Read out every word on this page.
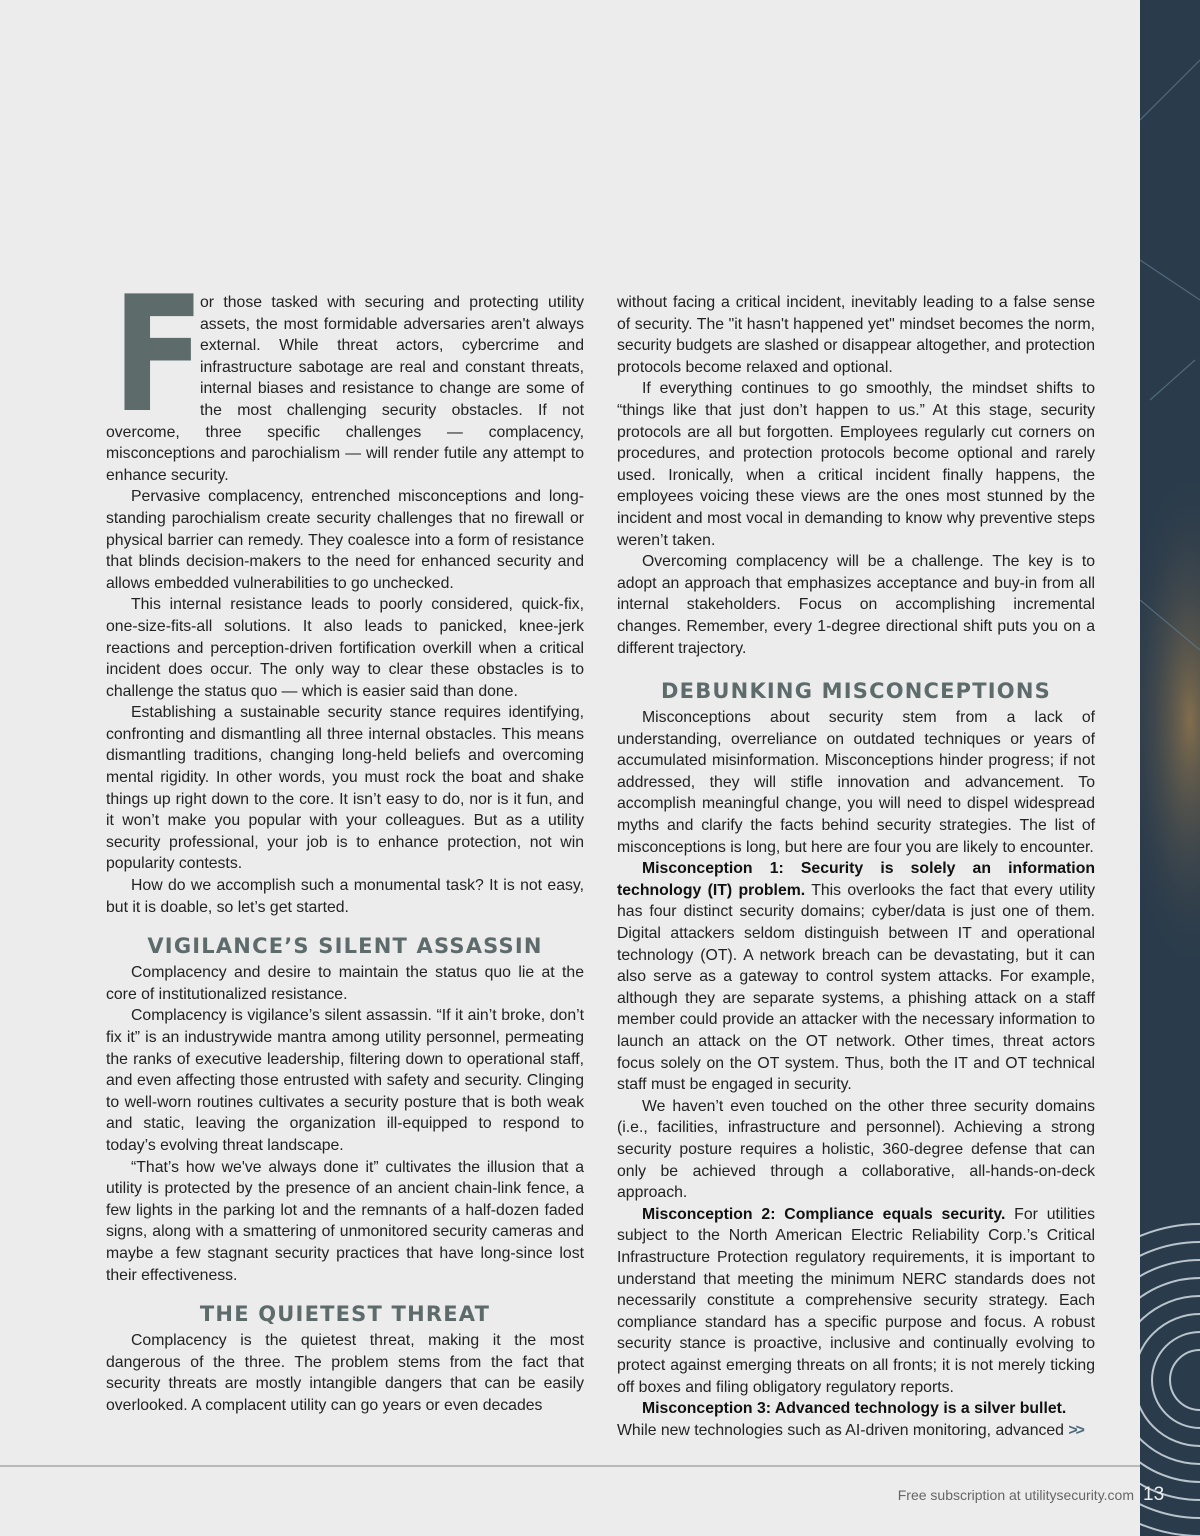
F
or those tasked with securing and protecting utility assets, the most formidable adversaries aren't always external. While threat actors, cybercrime and infrastructure sabotage are real and constant threats, internal biases and resistance to change are some of the most challenging security obstacles. If not overcome, three specific challenges — complacency, misconceptions and parochialism — will render futile any attempt to enhance security.

Pervasive complacency, entrenched misconceptions and long-standing parochialism create security challenges that no firewall or physical barrier can remedy. They coalesce into a form of resistance that blinds decision-makers to the need for enhanced security and allows embedded vulnerabilities to go unchecked.

This internal resistance leads to poorly considered, quick-fix, one-size-fits-all solutions. It also leads to panicked, knee-jerk reactions and perception-driven fortification overkill when a critical incident does occur. The only way to clear these obstacles is to challenge the status quo — which is easier said than done.

Establishing a sustainable security stance requires identifying, confronting and dismantling all three internal obstacles. This means dismantling traditions, changing long-held beliefs and overcoming mental rigidity. In other words, you must rock the boat and shake things up right down to the core. It isn’t easy to do, nor is it fun, and it won’t make you popular with your colleagues. But as a utility security professional, your job is to enhance protection, not win popularity contests.

How do we accomplish such a monumental task? It is not easy, but it is doable, so let’s get started.

VIGILANCE’S SILENT ASSASSIN

Complacency and desire to maintain the status quo lie at the core of institutionalized resistance.

Complacency is vigilance’s silent assassin. “If it ain’t broke, don’t fix it” is an industrywide mantra among utility personnel, permeating the ranks of executive leadership, filtering down to operational staff, and even affecting those entrusted with safety and security. Clinging to well-worn routines cultivates a security posture that is both weak and static, leaving the organization ill-equipped to respond to today’s evolving threat landscape.

“That’s how we've always done it” cultivates the illusion that a utility is protected by the presence of an ancient chain-link fence, a few lights in the parking lot and the remnants of a half-dozen faded signs, along with a smattering of unmonitored security cameras and maybe a few stagnant security practices that have long-since lost their effectiveness.

THE QUIETEST THREAT

Complacency is the quietest threat, making it the most dangerous of the three. The problem stems from the fact that security threats are mostly intangible dangers that can be easily overlooked. A complacent utility can go years or even decades

without facing a critical incident, inevitably leading to a false sense of security. The "it hasn't happened yet" mindset becomes the norm, security budgets are slashed or disappear altogether, and protection protocols become relaxed and optional.

If everything continues to go smoothly, the mindset shifts to “things like that just don’t happen to us.” At this stage, security protocols are all but forgotten. Employees regularly cut corners on procedures, and protection protocols become optional and rarely used. Ironically, when a critical incident finally happens, the employees voicing these views are the ones most stunned by the incident and most vocal in demanding to know why preventive steps weren’t taken.

Overcoming complacency will be a challenge. The key is to adopt an approach that emphasizes acceptance and buy-in from all internal stakeholders. Focus on accomplishing incremental changes. Remember, every 1-degree directional shift puts you on a different trajectory.

DEBUNKING MISCONCEPTIONS

Misconceptions about security stem from a lack of understanding, overreliance on outdated techniques or years of accumulated misinformation. Misconceptions hinder progress; if not addressed, they will stifle innovation and advancement. To accomplish meaningful change, you will need to dispel widespread myths and clarify the facts behind security strategies. The list of misconceptions is long, but here are four you are likely to encounter.

Misconception 1: Security is solely an information technology (IT) problem. This overlooks the fact that every utility has four distinct security domains; cyber/data is just one of them. Digital attackers seldom distinguish between IT and operational technology (OT). A network breach can be devastating, but it can also serve as a gateway to control system attacks. For example, although they are separate systems, a phishing attack on a staff member could provide an attacker with the necessary information to launch an attack on the OT network. Other times, threat actors focus solely on the OT system. Thus, both the IT and OT technical staff must be engaged in security.

We haven’t even touched on the other three security domains (i.e., facilities, infrastructure and personnel). Achieving a strong security posture requires a holistic, 360-degree defense that can only be achieved through a collaborative, all-hands-on-deck approach.

Misconception 2: Compliance equals security. For utilities subject to the North American Electric Reliability Corp.’s Critical Infrastructure Protection regulatory requirements, it is important to understand that meeting the minimum NERC standards does not necessarily constitute a comprehensive security strategy. Each compliance standard has a specific purpose and focus. A robust security stance is proactive, inclusive and continually evolving to protect against emerging threats on all fronts; it is not merely ticking off boxes and filing obligatory regulatory reports.

Misconception 3: Advanced technology is a silver bullet. While new technologies such as AI-driven monitoring, advanced >>

Free subscription at utilitysecurity.com 13
